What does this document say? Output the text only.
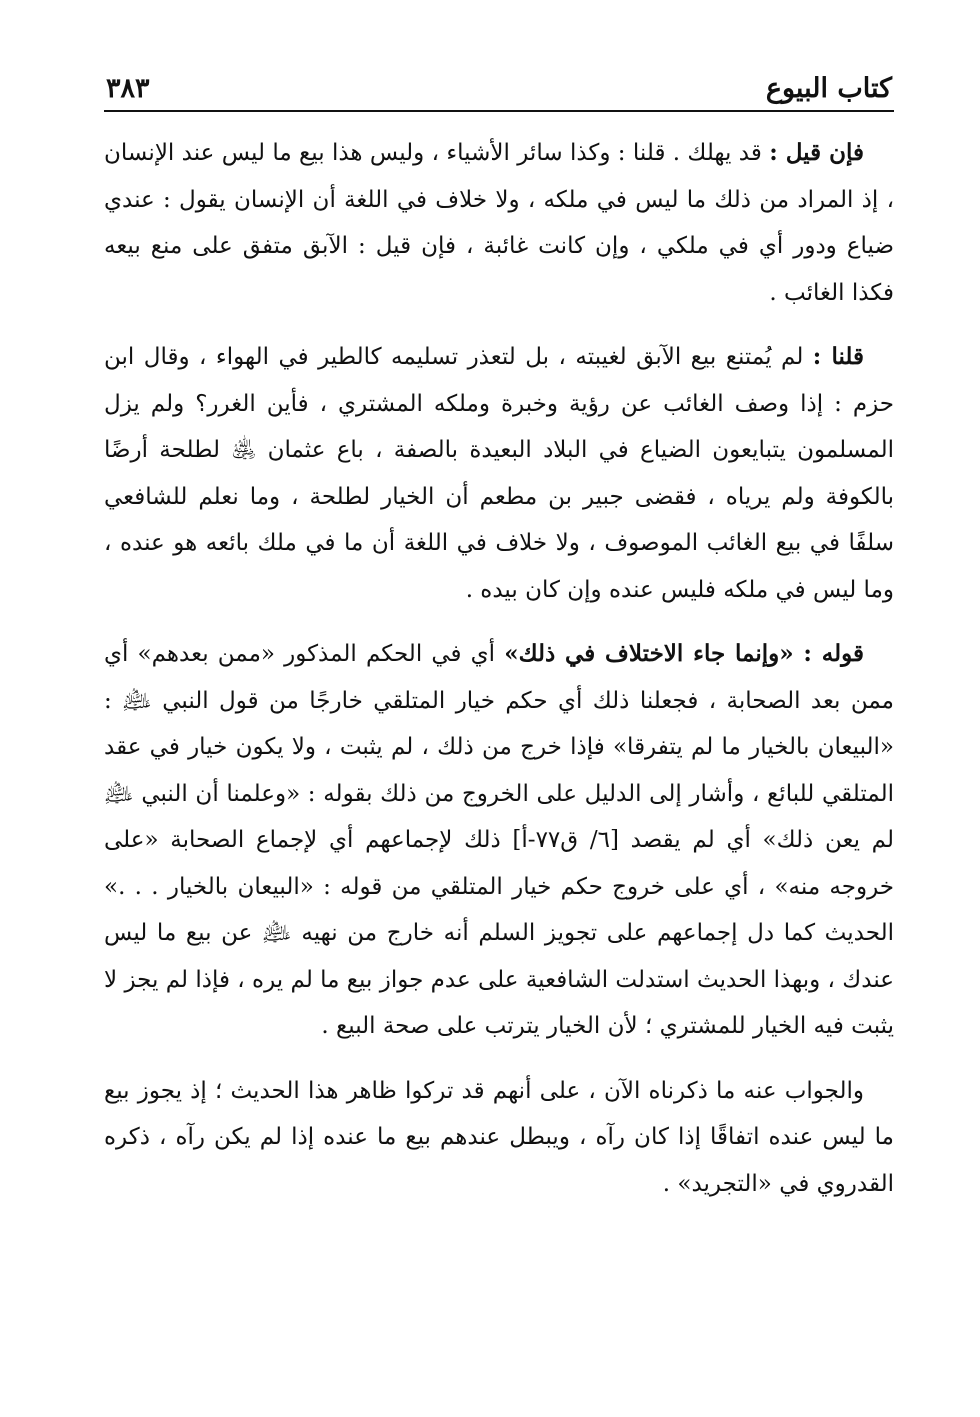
كتاب البيوع
٣٨٣

فإن قيل : قد يهلك . قلنا : وكذا سائر الأشياء ، وليس هذا بيع ما ليس عند الإنسان ، إذ المراد من ذلك ما ليس في ملكه ، ولا خلاف في اللغة أن الإنسان يقول : عندي ضياع ودور أي في ملكي ، وإن كانت غائبة ، فإن قيل : الآبق متفق على منع بيعه فكذا الغائب .

قلنا : لم يُمتنع بيع الآبق لغيبته ، بل لتعذر تسليمه كالطير في الهواء ، وقال ابن حزم : إذا وصف الغائب عن رؤية وخبرة وملكه المشتري ، فأين الغرر؟ ولم يزل المسلمون يتبايعون الضياع في البلاد البعيدة بالصفة ، باع عثمان ﵁ لطلحة أرضًا بالكوفة ولم يرياه ، فقضى جبير بن مطعم أن الخيار لطلحة ، وما نعلم للشافعي سلفًا في بيع الغائب الموصوف ، ولا خلاف في اللغة أن ما في ملك بائعه هو عنده ، وما ليس في ملكه فليس عنده وإن كان بيده .

قوله : «وإنما جاء الاختلاف في ذلك» أي في الحكم المذكور «ممن بعدهم» أي ممن بعد الصحابة ، فجعلنا ذلك أي حكم خيار المتلقي خارجًا من قول النبي ﵇ : «البيعان بالخيار ما لم يتفرقا» فإذا خرج من ذلك ، لم يثبت ، ولا يكون خيار في عقد المتلقي للبائع ، وأشار إلى الدليل على الخروج من ذلك بقوله : «وعلمنا أن النبي ﵇ لم يعن ذلك» أي لم يقصد [٦/ ق٧٧-أ] ذلك لإجماعهم أي لإجماع الصحابة «على خروجه منه» ، أي على خروج حكم خيار المتلقي من قوله : «البيعان بالخيار . . .» الحديث كما دل إجماعهم على تجويز السلم أنه خارج من نهيه ﵇ عن بيع ما ليس عندك ، وبهذا الحديث استدلت الشافعية على عدم جواز بيع ما لم يره ، فإذا لم يجز لا يثبت فيه الخيار للمشتري ؛ لأن الخيار يترتب على صحة البيع .

والجواب عنه ما ذكرناه الآن ، على أنهم قد تركوا ظاهر هذا الحديث ؛ إذ يجوز بيع ما ليس عنده اتفاقًا إذا كان رآه ، ويبطل عندهم بيع ما عنده إذا لم يكن رآه ، ذكره القدروي في «التجريد» .
